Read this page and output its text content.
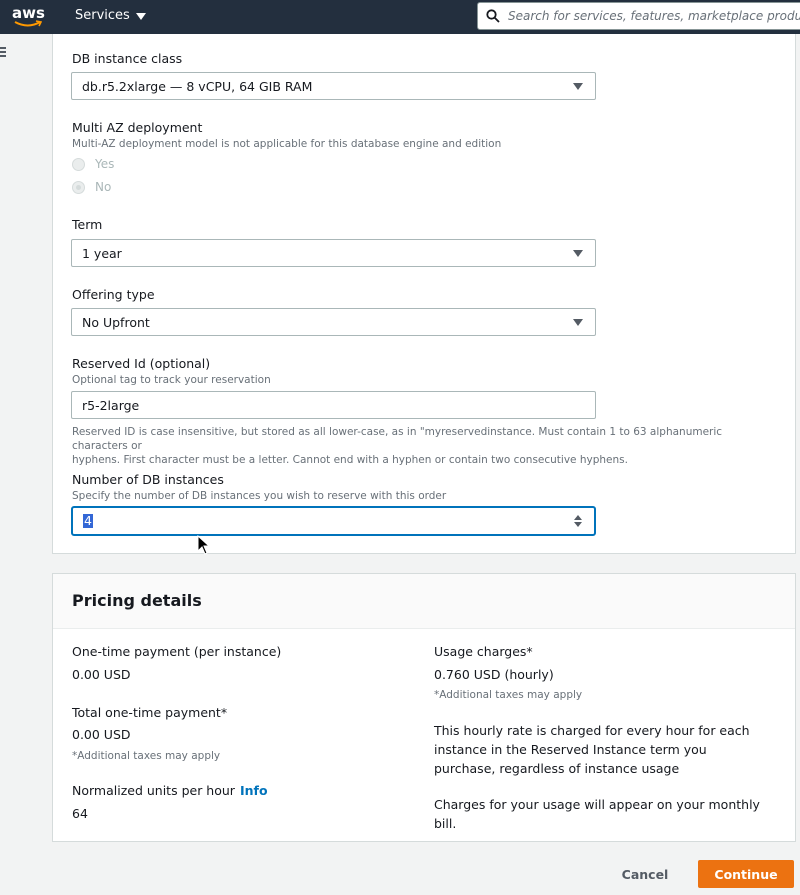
aws Services
Search for services, features, marketplace products, and docs
DB instance class
db.r5.2xlarge — 8 vCPU, 64 GIB RAM
Multi AZ deployment
Multi-AZ deployment model is not applicable for this database engine and edition
Yes
No
Term
1 year
Offering type
No Upfront
Reserved Id (optional)
Optional tag to track your reservation
r5-2large
Reserved ID is case insensitive, but stored as all lower-case, as in "myreservedinstance. Must contain 1 to 63 alphanumeric characters or
hyphens. First character must be a letter. Cannot end with a hyphen or contain two consecutive hyphens.
Number of DB instances
Specify the number of DB instances you wish to reserve with this order
4
Pricing details
One-time payment (per instance)
0.00 USD
Total one-time payment*
0.00 USD
*Additional taxes may apply
Normalized units per hour Info
64
Usage charges*
0.760 USD (hourly)
*Additional taxes may apply
This hourly rate is charged for every hour for each instance in the Reserved Instance term you purchase, regardless of instance usage
Charges for your usage will appear on your monthly bill.
Cancel	Continue
